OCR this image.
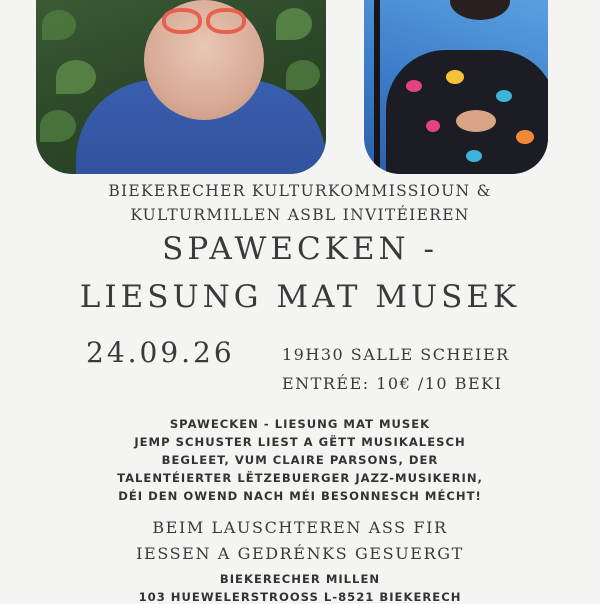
BIEKERECHER KULTURKOMMISSIOUN &
KULTURMILLEN ASBL INVITÉIEREN
SPAWECKEN -
LIESUNG MAT MUSEK
24.09.26	19H30 SALLE SCHEIER
ENTRÉE: 10€ /10 BEKI
SPAWECKEN - LIESUNG MAT MUSEK
JEMP SCHUSTER LIEST A GËTT MUSIKALESCH
BEGLEET, VUM CLAIRE PARSONS, DER
TALENTÉIERTER LËTZEBUERGER JAZZ-MUSIKERIN,
DÉI DEN OWEND NACH MÉI BESONNESCH MÉCHT!
BEIM LAUSCHTEREN ASS FIR
IESSEN A GEDRÉNKS GESUERGT
BIEKERECHER MILLEN
103 HUEWELERSTROOSS L-8521 BIEKERECH
